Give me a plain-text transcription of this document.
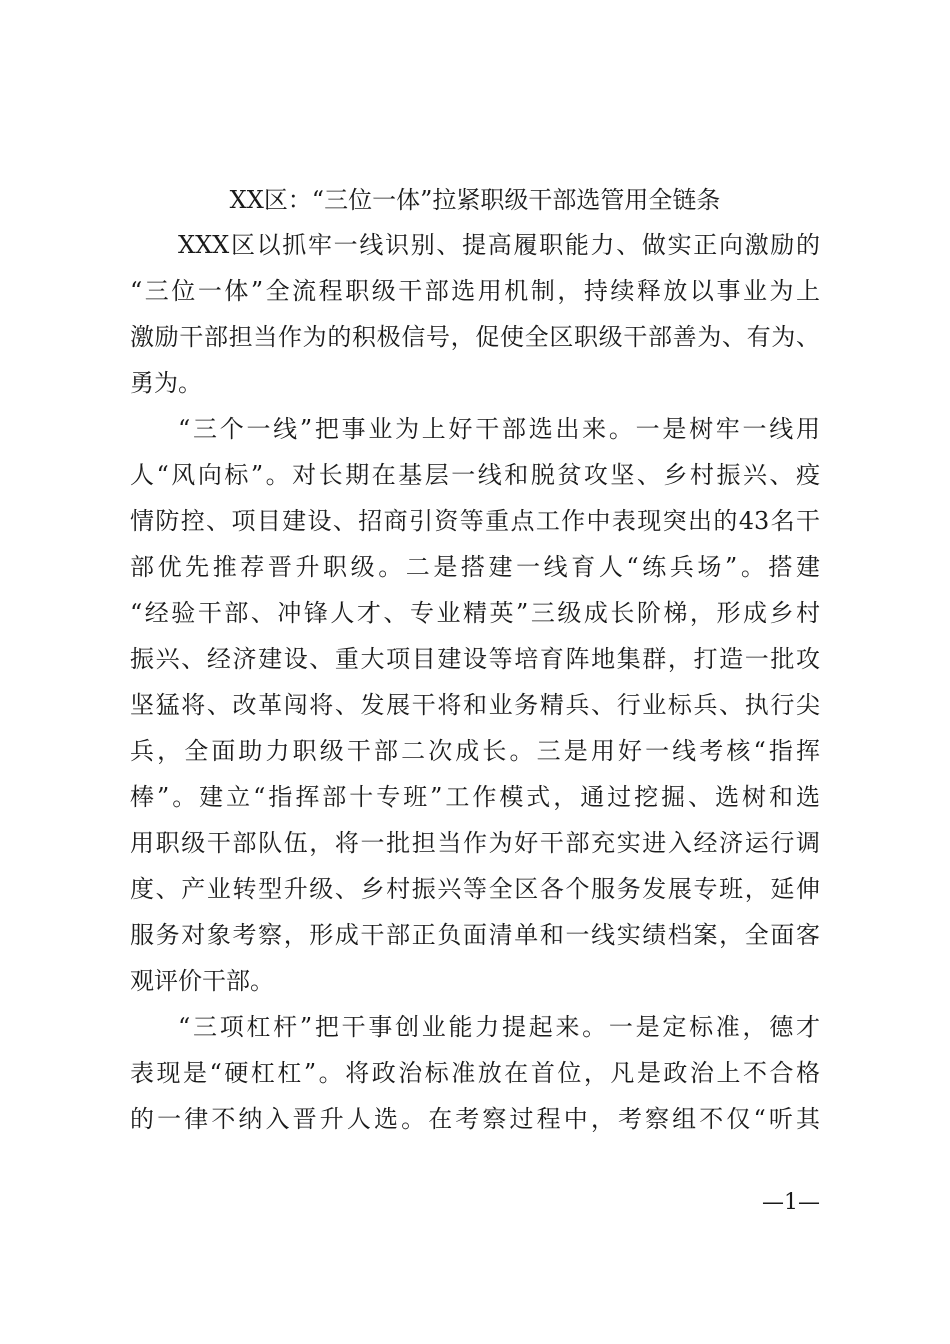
XX区：“三位一体”拉紧职级干部选管用全链条
XXX区以抓牢一线识别、提高履职能力、做实正向激励的
“三位一体”全流程职级干部选用机制，持续释放以事业为上
激励干部担当作为的积极信号，促使全区职级干部善为、有为、
勇为。
“三个一线”把事业为上好干部选出来。一是树牢一线用
人“风向标”。对长期在基层一线和脱贫攻坚、乡村振兴、疫
情防控、项目建设、招商引资等重点工作中表现突出的43名干
部优先推荐晋升职级。二是搭建一线育人“练兵场”。搭建
“经验干部、冲锋人才、专业精英”三级成长阶梯，形成乡村
振兴、经济建设、重大项目建设等培育阵地集群，打造一批攻
坚猛将、改革闯将、发展干将和业务精兵、行业标兵、执行尖
兵，全面助力职级干部二次成长。三是用好一线考核“指挥
棒”。建立“指挥部十专班”工作模式，通过挖掘、选树和选
用职级干部队伍，将一批担当作为好干部充实进入经济运行调
度、产业转型升级、乡村振兴等全区各个服务发展专班，延伸
服务对象考察，形成干部正负面清单和一线实绩档案，全面客
观评价干部。
“三项杠杆”把干事创业能力提起来。一是定标准，德才
表现是“硬杠杠”。将政治标准放在首位，凡是政治上不合格
的一律不纳入晋升人选。在考察过程中，考察组不仅“听其
—1—
